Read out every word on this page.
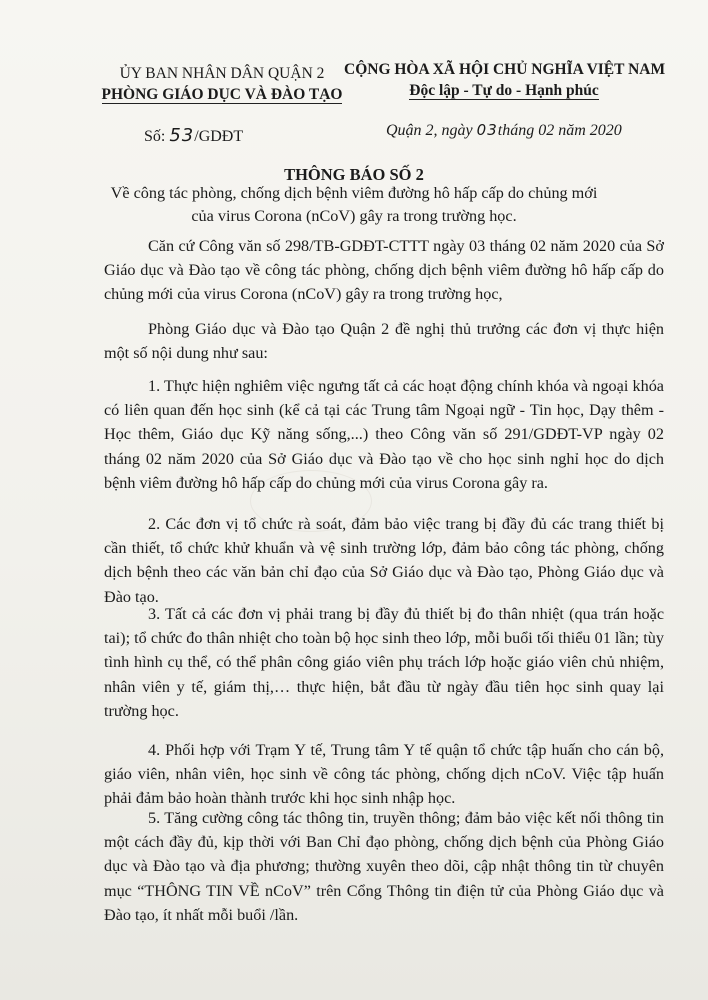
ỦY BAN NHÂN DÂN QUẬN 2
PHÒNG GIÁO DỤC VÀ ĐÀO TẠO
CỘNG HÒA XÃ HỘI CHỦ NGHĨA VIỆT NAM
Độc lập - Tự do - Hạnh phúc
Số: 53/GDĐT	Quận 2, ngày 03tháng 02 năm 2020
THÔNG BÁO SỐ 2
Về công tác phòng, chống dịch bệnh viêm đường hô hấp cấp do chủng mới
của virus Corona (nCoV) gây ra trong trường học.
Căn cứ Công văn số 298/TB-GDĐT-CTTT ngày 03 tháng 02 năm 2020 của Sở Giáo dục và Đào tạo về công tác phòng, chống dịch bệnh viêm đường hô hấp cấp do chủng mới của virus Corona (nCoV) gây ra trong trường học,
Phòng Giáo dục và Đào tạo Quận 2 đề nghị thủ trưởng các đơn vị thực hiện một số nội dung như sau:
1. Thực hiện nghiêm việc ngưng tất cả các hoạt động chính khóa và ngoại khóa có liên quan đến học sinh (kể cả tại các Trung tâm Ngoại ngữ - Tin học, Dạy thêm - Học thêm, Giáo dục Kỹ năng sống,...) theo Công văn số 291/GDĐT-VP ngày 02 tháng 02 năm 2020 của Sở Giáo dục và Đào tạo về cho học sinh nghỉ học do dịch bệnh viêm đường hô hấp cấp do chủng mới của virus Corona gây ra.
2. Các đơn vị tổ chức rà soát, đảm bảo việc trang bị đầy đủ các trang thiết bị cần thiết, tổ chức khử khuẩn và vệ sinh trường lớp, đảm bảo công tác phòng, chống dịch bệnh theo các văn bản chỉ đạo của Sở Giáo dục và Đào tạo, Phòng Giáo dục và Đào tạo.
3. Tất cả các đơn vị phải trang bị đầy đủ thiết bị đo thân nhiệt (qua trán hoặc tai); tổ chức đo thân nhiệt cho toàn bộ học sinh theo lớp, mỗi buổi tối thiểu 01 lần; tùy tình hình cụ thể, có thể phân công giáo viên phụ trách lớp hoặc giáo viên chủ nhiệm, nhân viên y tế, giám thị,… thực hiện, bắt đầu từ ngày đầu tiên học sinh quay lại trường học.
4. Phối hợp với Trạm Y tế, Trung tâm Y tế quận tổ chức tập huấn cho cán bộ, giáo viên, nhân viên, học sinh về công tác phòng, chống dịch nCoV. Việc tập huấn phải đảm bảo hoàn thành trước khi học sinh nhập học.
5. Tăng cường công tác thông tin, truyền thông; đảm bảo việc kết nối thông tin một cách đầy đủ, kịp thời với Ban Chỉ đạo phòng, chống dịch bệnh của Phòng Giáo dục và Đào tạo và địa phương; thường xuyên theo dõi, cập nhật thông tin từ chuyên mục “THÔNG TIN VỀ nCoV” trên Cổng Thông tin điện tử của Phòng Giáo dục và Đào tạo, ít nhất mỗi buổi /lần.
